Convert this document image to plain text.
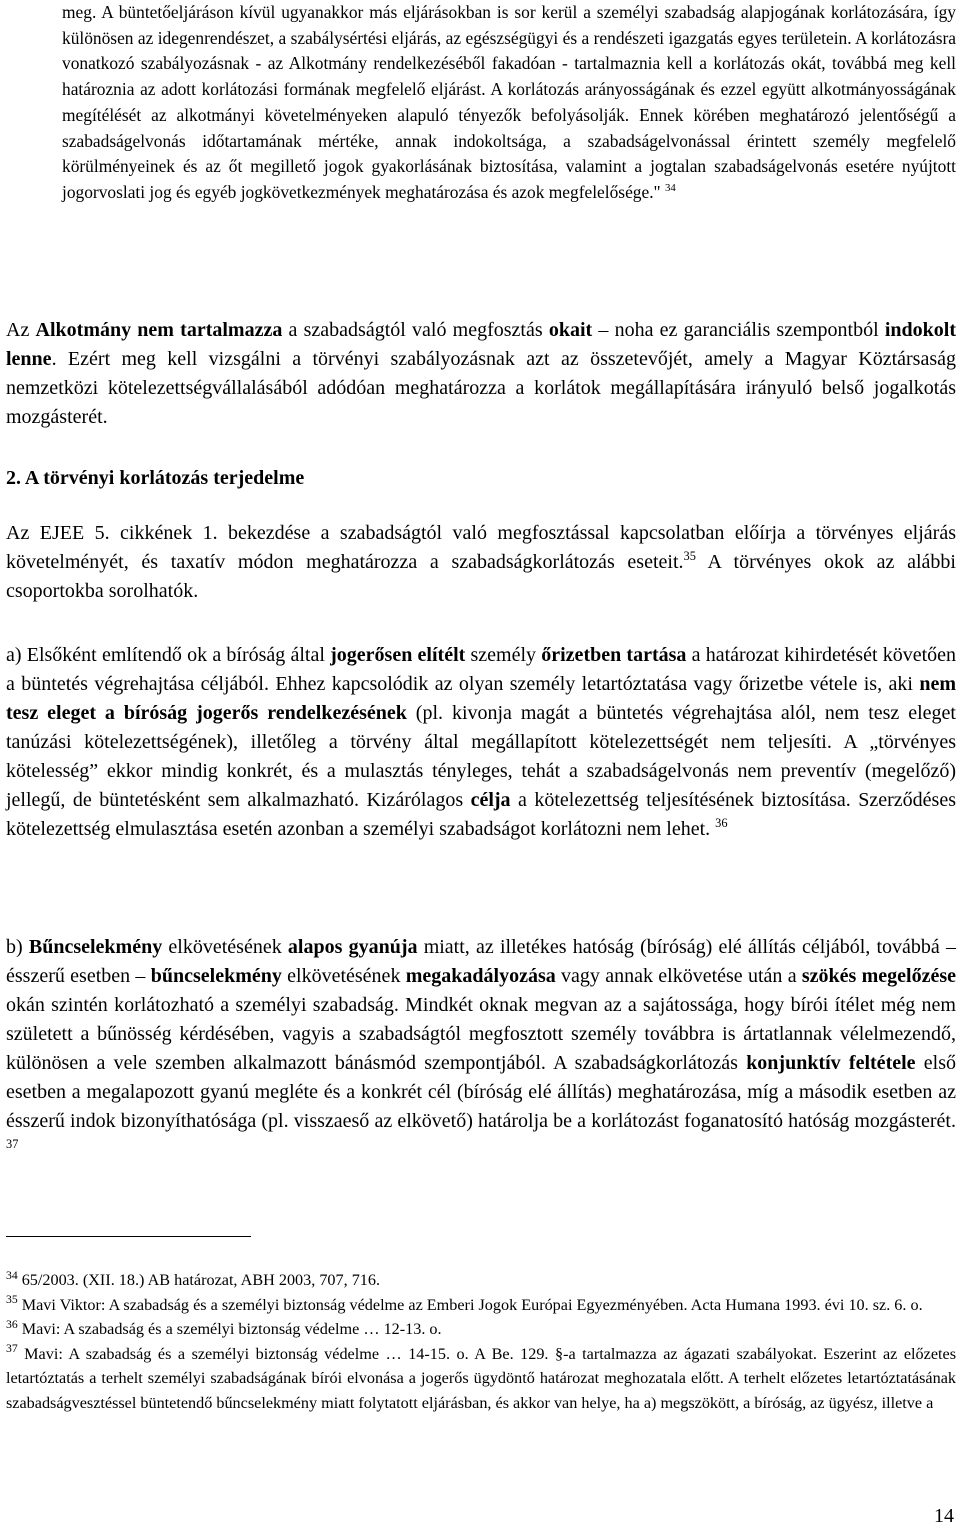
meg. A büntetőeljáráson kívül ugyanakkor más eljárásokban is sor kerül a személyi szabadság alapjogának korlátozására, így különösen az idegenrendészet, a szabálysértési eljárás, az egészségügyi és a rendészeti igazgatás egyes területein. A korlátozásra vonatkozó szabályozásnak - az Alkotmány rendelkezéséből fakadóan - tartalmaznia kell a korlátozás okát, továbbá meg kell határoznia az adott korlátozási formának megfelelő eljárást. A korlátozás arányosságának és ezzel együtt alkotmányosságának megítélését az alkotmányi követelményeken alapuló tényezők befolyásolják. Ennek körében meghatározó jelentőségű a szabadságelvonás időtartamának mértéke, annak indokoltsága, a szabadságelvonással érintett személy megfelelő körülményeinek és az őt megillető jogok gyakorlásának biztosítása, valamint a jogtalan szabadságelvonás esetére nyújtott jogorvoslati jog és egyéb jogkövetkezmények meghatározása és azok megfelelősége." $^{34}$

Az Alkotmány nem tartalmazza a szabadságtól való megfosztás okait – noha ez garanciális szempontból indokolt lenne. Ezért meg kell vizsgálni a törvényi szabályozásnak azt az összetevőjét, amely a Magyar Köztársaság nemzetközi kötelezettségvállalásából adódóan meghatározza a korlátok megállapítására irányuló belső jogalkotás mozgásterét.

2. A törvényi korlátozás terjedelme

Az EJEE 5. cikkének 1. bekezdése a szabadságtól való megfosztással kapcsolatban előírja a törvényes eljárás követelményét, és taxatív módon meghatározza a szabadságkorlátozás eseteit.$^{35}$ A törvényes okok az alábbi csoportokba sorolhatók.

a) Elsőként említendő ok a bíróság által jogerősen elítélt személy őrizetben tartása a határozat kihirdetését követően a büntetés végrehajtása céljából. Ehhez kapcsolódik az olyan személy letartóztatása vagy őrizetbe vétele is, aki nem tesz eleget a bíróság jogerős rendelkezésének (pl. kivonja magát a büntetés végrehajtása alól, nem tesz eleget tanúzási kötelezettségének), illetőleg a törvény által megállapított kötelezettségét nem teljesíti. A „törvényes kötelesség” ekkor mindig konkrét, és a mulasztás tényleges, tehát a szabadságelvonás nem preventív (megelőző) jellegű, de büntetésként sem alkalmazható. Kizárólagos célja a kötelezettség teljesítésének biztosítása. Szerződéses kötelezettség elmulasztása esetén azonban a személyi szabadságot korlátozni nem lehet. $^{36}$

b) Bűncselekmény elkövetésének alapos gyanúja miatt, az illetékes hatóság (bíróság) elé állítás céljából, továbbá – ésszerű esetben – bűncselekmény elkövetésének megakadályozása vagy annak elkövetése után a szökés megelőzése okán szintén korlátozható a személyi szabadság. Mindkét oknak megvan az a sajátossága, hogy bírói ítélet még nem született a bűnösség kérdésében, vagyis a szabadságtól megfosztott személy továbbra is ártatlannak vélelmezendő, különösen a vele szemben alkalmazott bánásmód szempontjából. A szabadságkorlátozás konjunktív feltétele első esetben a megalapozott gyanú megléte és a konkrét cél (bíróság elé állítás) meghatározása, míg a második esetben az ésszerű indok bizonyíthatósága (pl. visszaeső az elkövető) határolja be a korlátozást foganatosító hatóság mozgásterét. $^{37}$

$^{34}$ 65/2003. (XII. 18.) AB határozat, ABH 2003, 707, 716.

$^{35}$ Mavi Viktor: A szabadság és a személyi biztonság védelme az Emberi Jogok Európai Egyezményében. Acta Humana 1993. évi 10. sz. 6. o.

$^{36}$ Mavi: A szabadság és a személyi biztonság védelme … 12-13. o.

$^{37}$ Mavi: A szabadság és a személyi biztonság védelme … 14-15. o. A Be. 129. §-a tartalmazza az ágazati szabályokat. Eszerint az előzetes letartóztatás a terhelt személyi szabadságának bírói elvonása a jogerős ügydöntő határozat meghozatala előtt. A terhelt előzetes letartóztatásának szabadságvesztéssel büntetendő bűncselekmény miatt folytatott eljárásban, és akkor van helye, ha a) megszökött, a bíróság, az ügyész, illetve a

14
